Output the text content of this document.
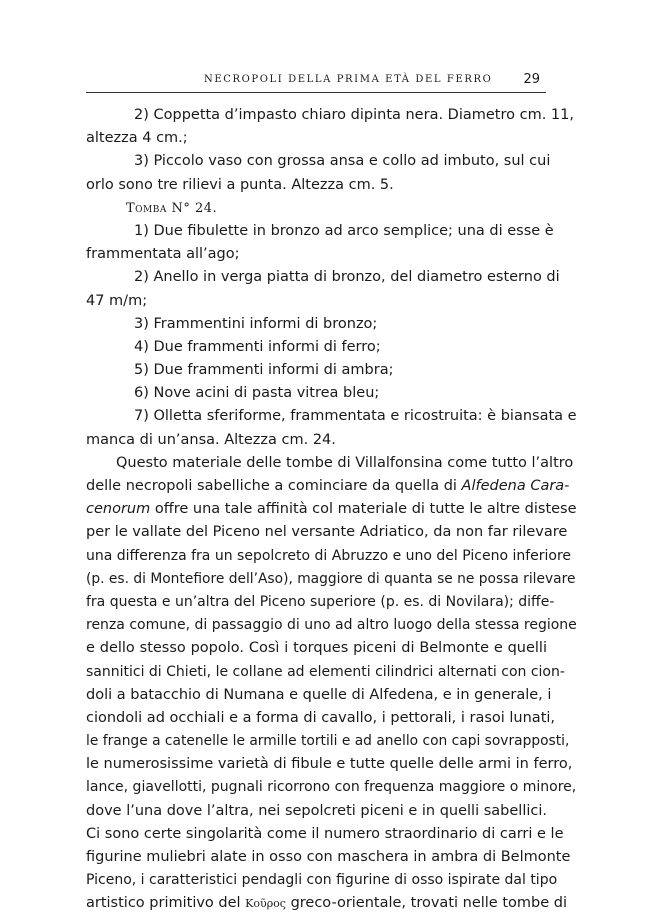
NECROPOLI DELLA PRIMA ETÀ DEL FERRO 29
2) Coppetta d’impasto chiaro dipinta nera. Diametro cm. 11,
altezza 4 cm.;
3) Piccolo vaso con grossa ansa e collo ad imbuto, sul cui
orlo sono tre rilievi a punta. Altezza cm. 5.
Tomba N° 24.
1) Due fibulette in bronzo ad arco semplice; una di esse è
frammentata all’ago;
2) Anello in verga piatta di bronzo, del diametro esterno di
47 m/m;
3) Frammentini informi di bronzo;
4) Due frammenti informi di ferro;
5) Due frammenti informi di ambra;
6) Nove acini di pasta vitrea bleu;
7) Olletta sferiforme, frammentata e ricostruita: è biansata e
manca di un’ansa. Altezza cm. 24.
Questo materiale delle tombe di Villalfonsina come tutto l’altro
delle necropoli sabelliche a cominciare da quella di Alfedena Cara-
cenorum offre una tale affinità col materiale di tutte le altre distese
per le vallate del Piceno nel versante Adriatico, da non far rilevare
una differenza fra un sepolcreto di Abruzzo e uno del Piceno inferiore
(p. es. di Montefiore dell’Aso), maggiore di quanta se ne possa rilevare
fra questa e un’altra del Piceno superiore (p. es. di Novilara); diffe-
renza comune, di passaggio di uno ad altro luogo della stessa regione
e dello stesso popolo. Così i torques piceni di Belmonte e quelli
sannitici di Chieti, le collane ad elementi cilindrici alternati con cion-
doli a batacchio di Numana e quelle di Alfedena, e in generale, i
ciondoli ad occhiali e a forma di cavallo, i pettorali, i rasoi lunati,
le frange a catenelle le armille tortili e ad anello con capi sovrapposti,
le numerosissime varietà di fibule e tutte quelle delle armi in ferro,
lance, giavellotti, pugnali ricorrono con frequenza maggiore o minore,
dove l’una dove l’altra, nei sepolcreti piceni e in quelli sabellici.
Ci sono certe singolarità come il numero straordinario di carri e le
figurine muliebri alate in osso con maschera in ambra di Belmonte
Piceno, i caratteristici pendagli con figurine di osso ispirate dal tipo
artistico primitivo del Κοῦρος greco-orientale, trovati nelle tombe di
